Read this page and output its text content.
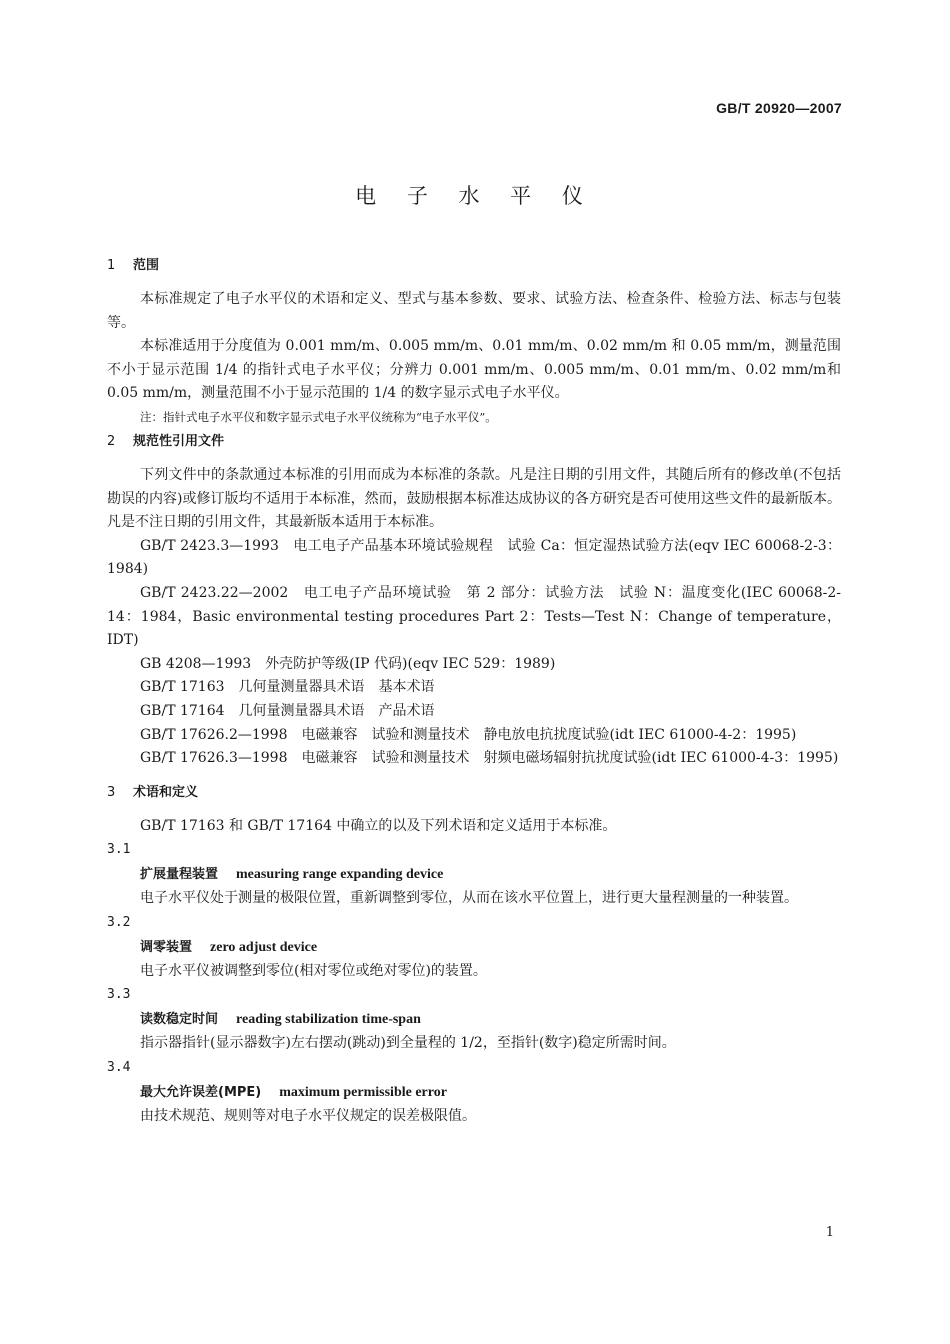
GB/T 20920—2007
电 子 水 平 仪
1 范围
本标准规定了电子水平仪的术语和定义、型式与基本参数、要求、试验方法、检查条件、检验方法、标志与包装等。
本标准适用于分度值为 0.001 mm/m、0.005 mm/m、0.01 mm/m、0.02 mm/m 和 0.05 mm/m，测量范围不小于显示范围 1/4 的指针式电子水平仪；分辨力 0.001 mm/m、0.005 mm/m、0.01 mm/m、0.02 mm/m和 0.05 mm/m，测量范围不小于显示范围的 1/4 的数字显示式电子水平仪。
注：指针式电子水平仪和数字显示式电子水平仪统称为“电子水平仪”。
2 规范性引用文件
下列文件中的条款通过本标准的引用而成为本标准的条款。凡是注日期的引用文件，其随后所有的修改单(不包括勘误的内容)或修订版均不适用于本标准，然而，鼓励根据本标准达成协议的各方研究是否可使用这些文件的最新版本。凡是不注日期的引用文件，其最新版本适用于本标准。
GB/T 2423.3—1993　电工电子产品基本环境试验规程　试验 Ca：恒定湿热试验方法(eqv IEC 60068-2-3：1984)
GB/T 2423.22—2002　电工电子产品环境试验　第 2 部分：试验方法　试验 N：温度变化(IEC 60068-2-14：1984，Basic environmental testing procedures Part 2：Tests—Test N：Change of temperature，IDT)
GB 4208—1993　外壳防护等级(IP 代码)(eqv IEC 529：1989)
GB/T 17163　几何量测量器具术语　基本术语
GB/T 17164　几何量测量器具术语　产品术语
GB/T 17626.2—1998　电磁兼容　试验和测量技术　静电放电抗扰度试验(idt IEC 61000-4-2：1995)
GB/T 17626.3—1998　电磁兼容　试验和测量技术　射频电磁场辐射抗扰度试验(idt IEC 61000-4-3：1995)
3 术语和定义
GB/T 17163 和 GB/T 17164 中确立的以及下列术语和定义适用于本标准。
3.1
扩展量程装置 measuring range expanding device
电子水平仪处于测量的极限位置，重新调整到零位，从而在该水平位置上，进行更大量程测量的一种装置。
3.2
调零装置 zero adjust device
电子水平仪被调整到零位(相对零位或绝对零位)的装置。
3.3
读数稳定时间 reading stabilization time-span
指示器指针(显示器数字)左右摆动(跳动)到全量程的 1/2，至指针(数字)稳定所需时间。
3.4
最大允许误差(MPE) maximum permissible error
由技术规范、规则等对电子水平仪规定的误差极限值。
1
